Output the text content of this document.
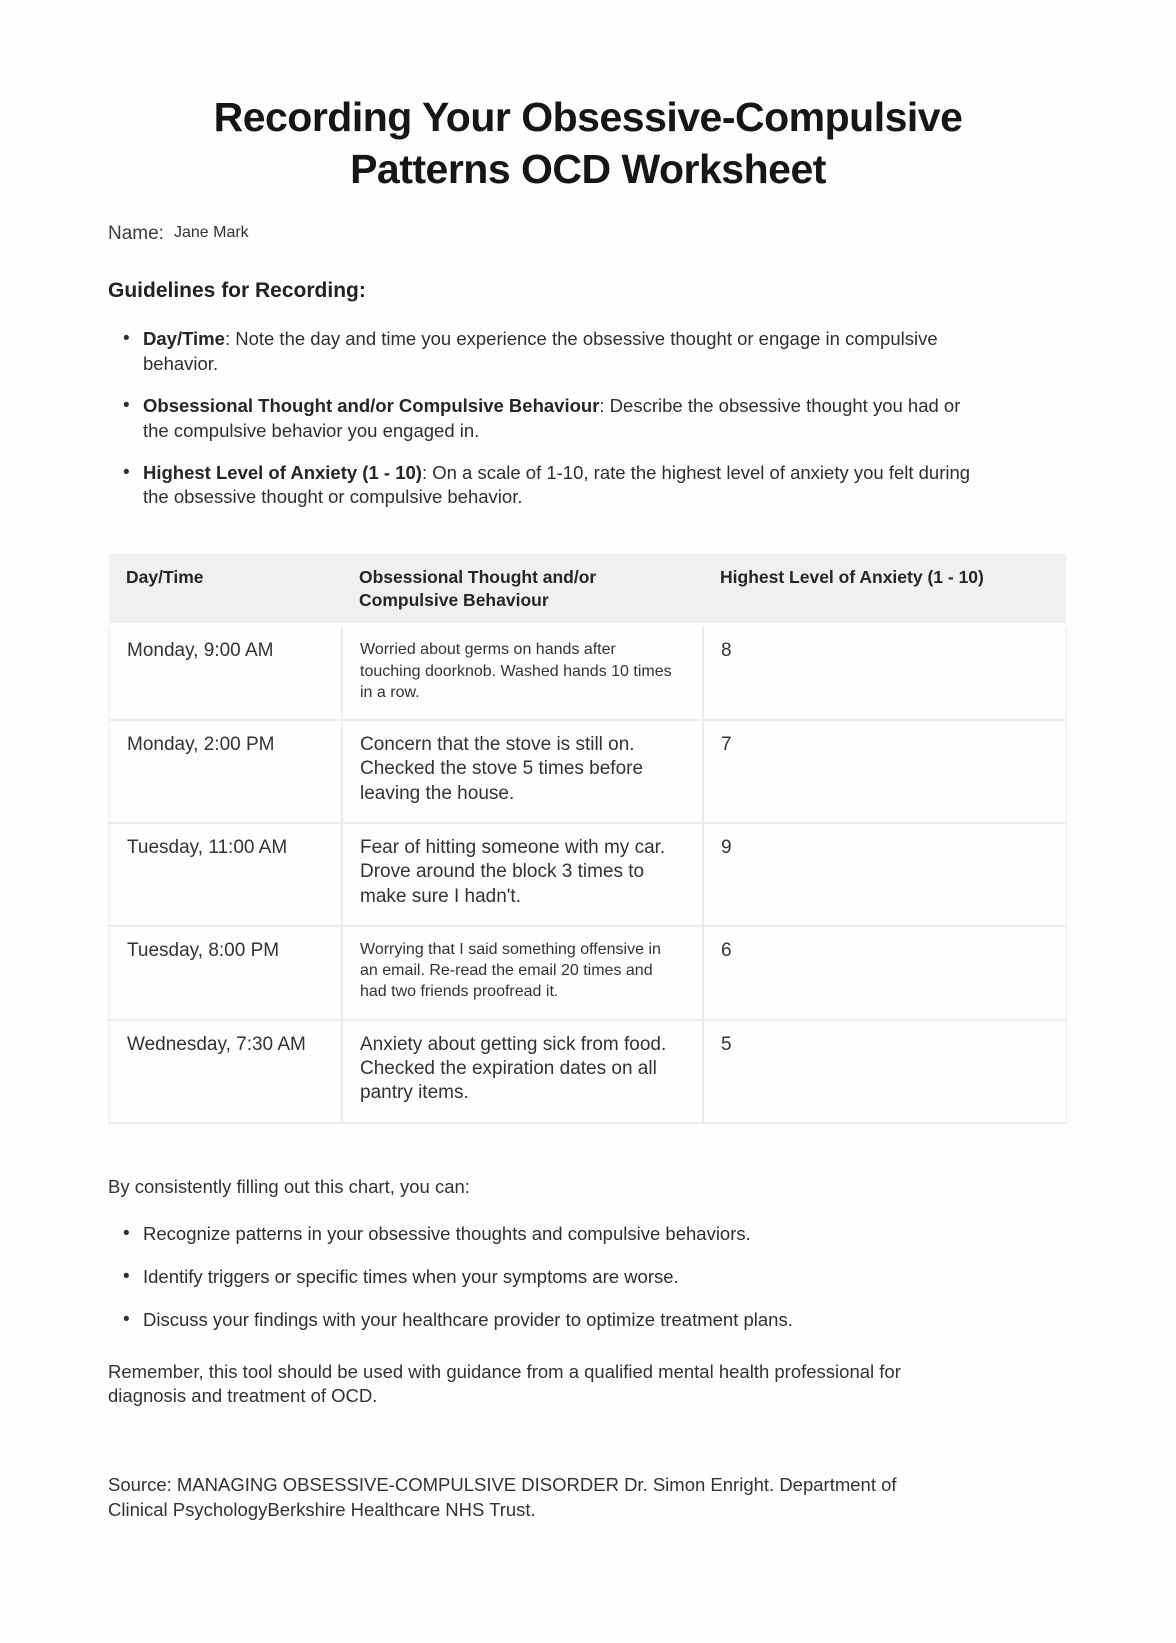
Recording Your Obsessive-Compulsive Patterns OCD Worksheet
Name: Jane Mark
Guidelines for Recording:
• Day/Time: Note the day and time you experience the obsessive thought or engage in compulsive behavior.
• Obsessional Thought and/or Compulsive Behaviour: Describe the obsessive thought you had or the compulsive behavior you engaged in.
• Highest Level of Anxiety (1 - 10): On a scale of 1-10, rate the highest level of anxiety you felt during the obsessive thought or compulsive behavior.
Day/Time	Obsessional Thought and/or Compulsive Behaviour	Highest Level of Anxiety (1 - 10)
Monday, 9:00 AM	Worried about germs on hands after touching doorknob. Washed hands 10 times in a row.	8
Monday, 2:00 PM	Concern that the stove is still on. Checked the stove 5 times before leaving the house.	7
Tuesday, 11:00 AM	Fear of hitting someone with my car. Drove around the block 3 times to make sure I hadn't.	9
Tuesday, 8:00 PM	Worrying that I said something offensive in an email. Re-read the email 20 times and had two friends proofread it.	6
Wednesday, 7:30 AM	Anxiety about getting sick from food. Checked the expiration dates on all pantry items.	5

By consistently filling out this chart, you can:

• Recognize patterns in your obsessive thoughts and compulsive behaviors.
• Identify triggers or specific times when your symptoms are worse.
• Discuss your findings with your healthcare provider to optimize treatment plans.

Remember, this tool should be used with guidance from a qualified mental health professional for diagnosis and treatment of OCD.

Source: MANAGING OBSESSIVE-COMPULSIVE DISORDER Dr. Simon Enright. Department of Clinical PsychologyBerkshire Healthcare NHS Trust.
